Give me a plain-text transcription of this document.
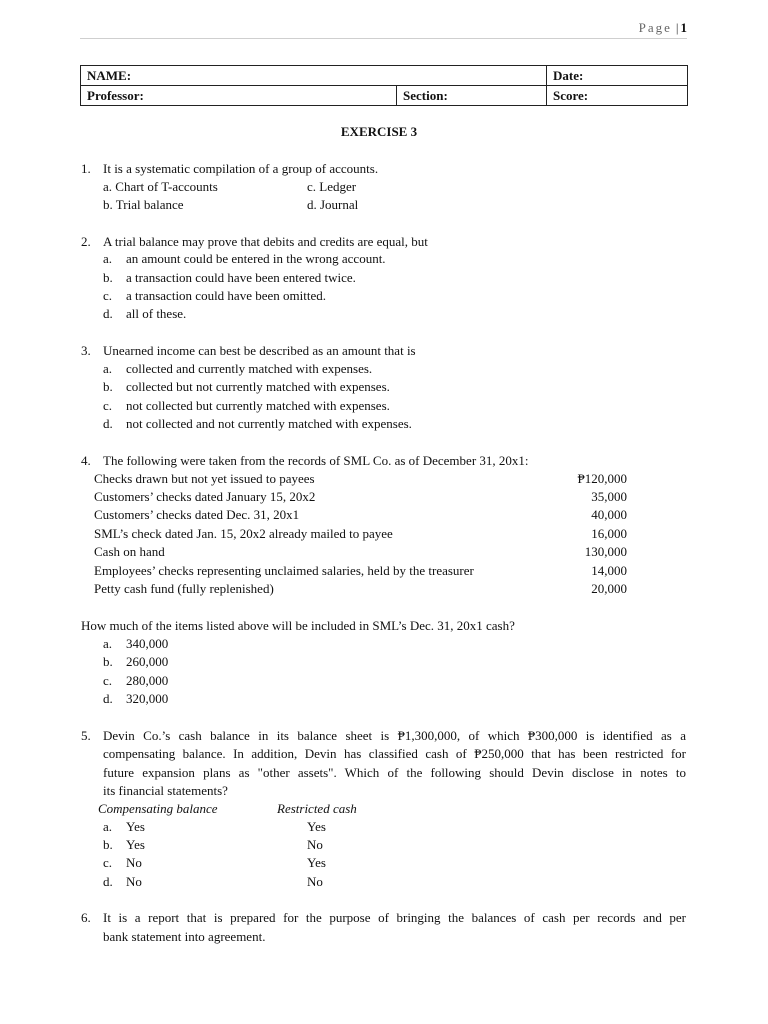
Page | 1
NAME:		Date:
Professor:	Section:	Score:
EXERCISE 3
1. It is a systematic compilation of a group of accounts.
a. Chart of T-accounts	c. Ledger
b. Trial balance	d. Journal
2. A trial balance may prove that debits and credits are equal, but
a.	an amount could be entered in the wrong account.
b.	a transaction could have been entered twice.
c.	a transaction could have been omitted.
d.	all of these.
3. Unearned income can best be described as an amount that is
a.	collected and currently matched with expenses.
b.	collected but not currently matched with expenses.
c.	not collected but currently matched with expenses.
d.	not collected and not currently matched with expenses.
4. The following were taken from the records of SML Co. as of December 31, 20x1:
Checks drawn but not yet issued to payees	₱120,000
Customers’ checks dated January 15, 20x2	35,000
Customers’ checks dated Dec. 31, 20x1	40,000
SML’s check dated Jan. 15, 20x2 already mailed to payee	16,000
Cash on hand	130,000
Employees’ checks representing unclaimed salaries, held by the treasurer	14,000
Petty cash fund (fully replenished)	20,000
How much of the items listed above will be included in SML’s Dec. 31, 20x1 cash?
a.	340,000
b.	260,000
c.	280,000
d.	320,000
5. Devin Co.’s cash balance in its balance sheet is ₱1,300,000, of which ₱300,000 is identified as a
compensating balance. In addition, Devin has classified cash of ₱250,000 that has been restricted for
future expansion plans as "other assets". Which of the following should Devin disclose in notes to
its financial statements?
Compensating balance	Restricted cash
a.	Yes	Yes
b.	Yes	No
c.	No	Yes
d.	No	No
6. It is a report that is prepared for the purpose of bringing the balances of cash per records and per
bank statement into agreement.
